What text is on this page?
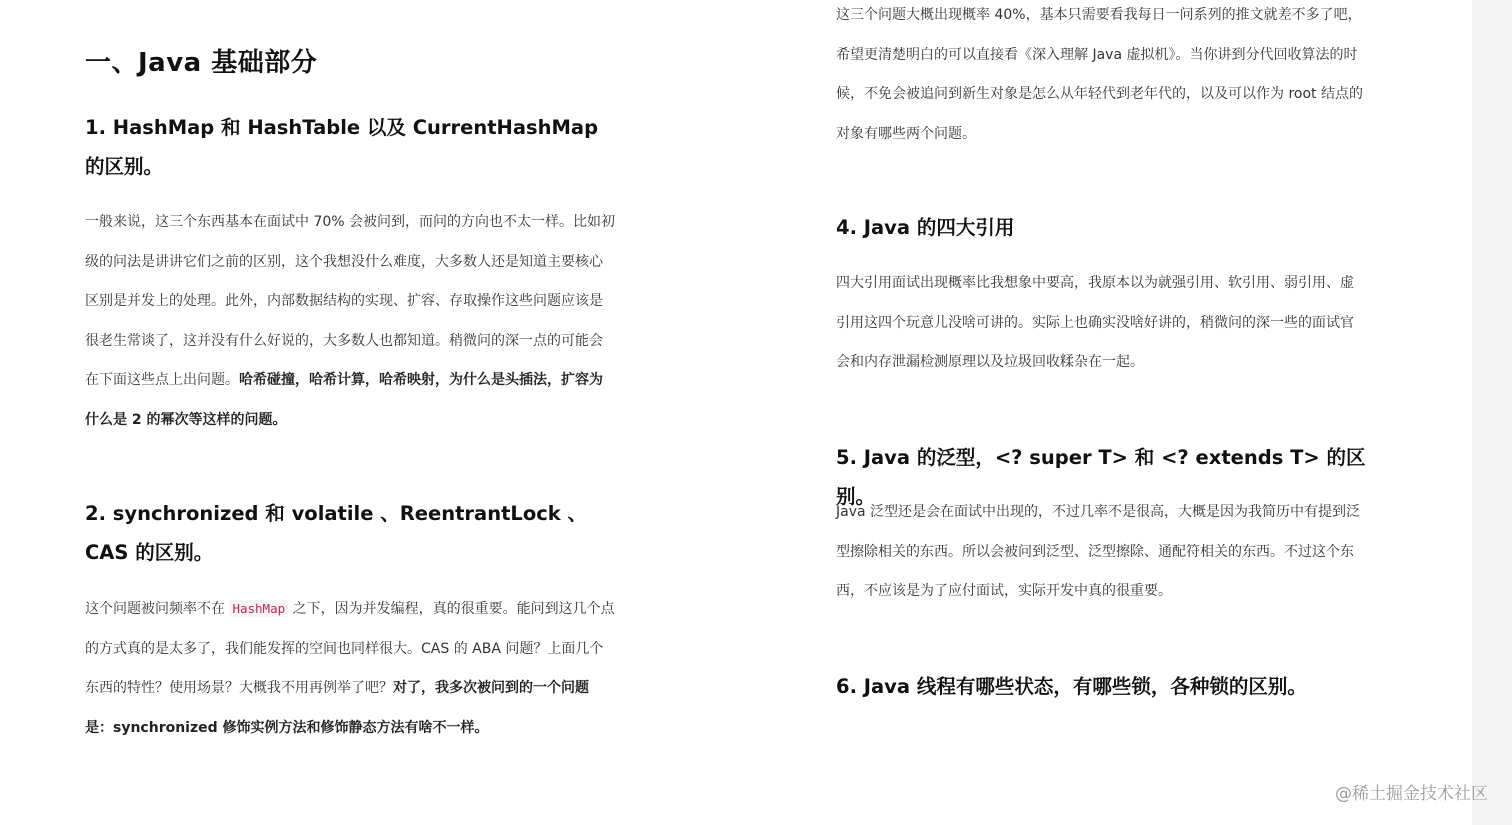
一、Java 基础部分
1. HashMap 和 HashTable 以及 CurrentHashMap 的区别。

一般来说，这三个东西基本在面试中 70% 会被问到，而问的方向也不太一样。比如初级的问法是讲讲它们之前的区别，这个我想没什么难度，大多数人还是知道主要核心区别是并发上的处理。此外，内部数据结构的实现、扩容、存取操作这些问题应该是很老生常谈了，这并没有什么好说的，大多数人也都知道。稍微问的深一点的可能会在下面这些点上出问题。哈希碰撞，哈希计算，哈希映射，为什么是头插法，扩容为什么是 2 的幂次等这样的问题。

2. synchronized 和 volatile 、ReentrantLock 、CAS 的区别。

这个问题被问频率不在 HashMap 之下，因为并发编程，真的很重要。能问到这几个点的方式真的是太多了，我们能发挥的空间也同样很大。CAS 的 ABA 问题？上面几个东西的特性？使用场景？大概我不用再例举了吧？对了，我多次被问到的一个问题是：synchronized 修饰实例方法和修饰静态方法有啥不一样。

这三个问题大概出现概率 40%，基本只需要看我每日一问系列的推文就差不多了吧，希望更清楚明白的可以直接看《深入理解 Java 虚拟机》。当你讲到分代回收算法的时候，不免会被追问到新生对象是怎么从年轻代到老年代的，以及可以作为 root 结点的对象有哪些两个问题。

4. Java 的四大引用

四大引用面试出现概率比我想象中要高，我原本以为就强引用、软引用、弱引用、虚引用这四个玩意儿没啥可讲的。实际上也确实没啥好讲的，稍微问的深一些的面试官会和内存泄漏检测原理以及垃圾回收糅杂在一起。

5. Java 的泛型，<? super T> 和 <? extends T> 的区别。

Java 泛型还是会在面试中出现的，不过几率不是很高，大概是因为我简历中有提到泛型擦除相关的东西。所以会被问到泛型、泛型擦除、通配符相关的东西。不过这个东西，不应该是为了应付面试，实际开发中真的很重要。

6. Java 线程有哪些状态，有哪些锁，各种锁的区别。
@稀土掘金技术社区
